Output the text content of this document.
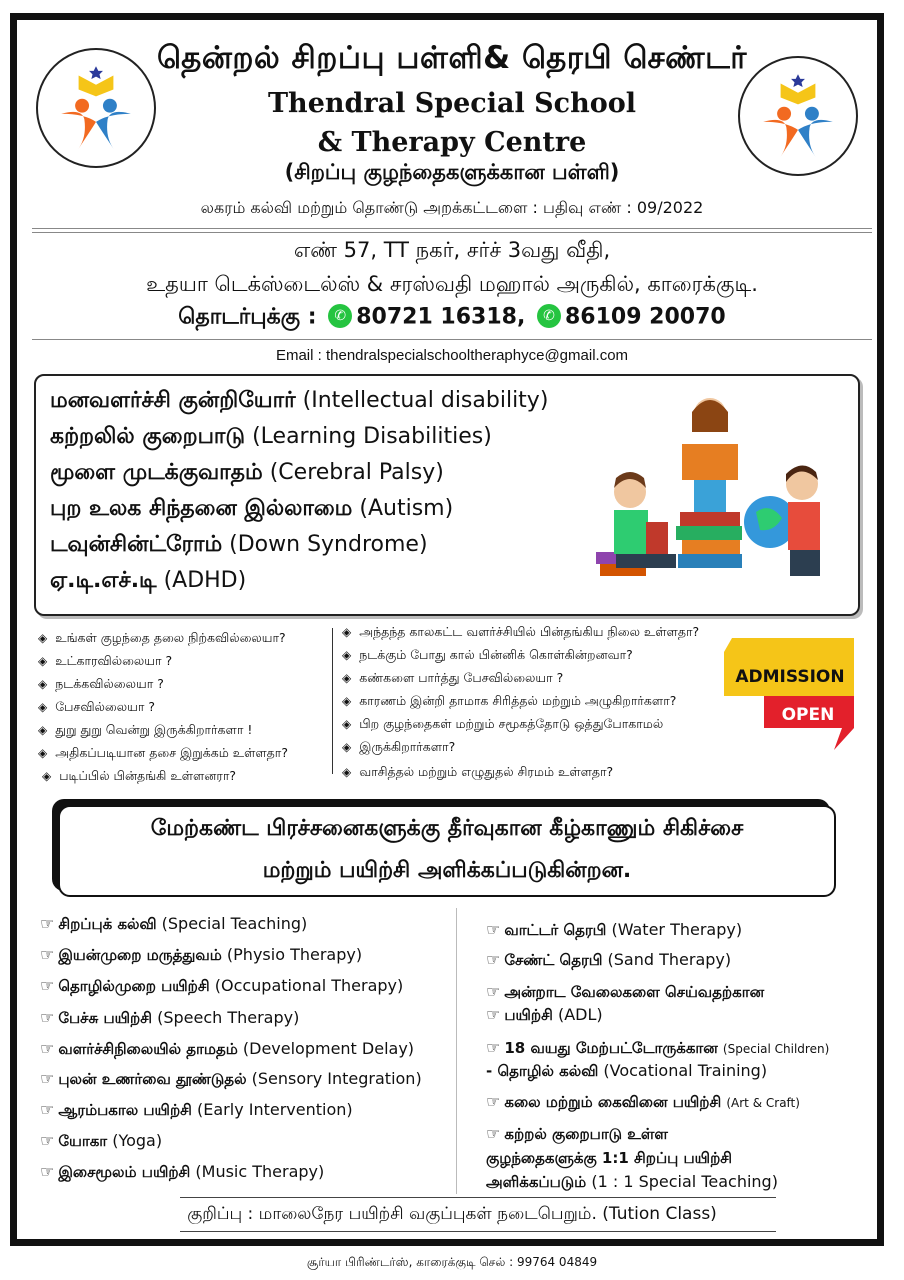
தென்றல் சிறப்பு பள்ளி& தெரபி செண்டர்
Thendral Special School
& Therapy Centre
(சிறப்பு குழந்தைகளுக்கான பள்ளி)
லகரம் கல்வி மற்றும் தொண்டு அறக்கட்டளை : பதிவு எண் : 09/2022
எண் 57, TT நகர், சர்ச் 3வது வீதி,
உதயா டெக்ஸ்டைல்ஸ் & சரஸ்வதி மஹால் அருகில், காரைக்குடி.
தொடர்புக்கு : ✆ 80721 16318, ✆ 86109 20070
Email : thendralspecialschooltheraphyce@gmail.com
மனவளர்ச்சி குன்றியோர் (Intellectual disability)
கற்றலில் குறைபாடு (Learning Disabilities)
மூளை முடக்குவாதம் (Cerebral Palsy)
புற உலக சிந்தனை இல்லாமை (Autism)
டவுன்சின்ட்ரோம் (Down Syndrome)
ஏ.டி.எச்.டி (ADHD)
◈ உங்கள் குழந்தை தலை நிற்கவில்லையா?
◈ உட்காரவில்லையா ?
◈ நடக்கவில்லையா ?
◈ பேசவில்லையா ?
◈ துறு துறு வென்று இருக்கிறார்களா !
◈ அதிகப்படியான தசை இறுக்கம் உள்ளதா?
◈ படிப்பில் பின்தங்கி உள்ளனரா?
◈ அந்தந்த காலகட்ட வளர்ச்சியில் பின்தங்கிய நிலை உள்ளதா?
◈ நடக்கும் போது கால் பின்னிக் கொள்கின்றனவா?
◈ கண்களை பார்த்து பேசவில்லையா ?
◈ காரணம் இன்றி தாமாக சிரித்தல் மற்றும் அழுகிறார்களா?
◈ பிற குழந்தைகள் மற்றும் சமூகத்தோடு ஒத்துபோகாமல்
◈ இருக்கிறார்களா?
◈ வாசித்தல் மற்றும் எழுதுதல் சிரமம் உள்ளதா?
ADMISSION
OPEN
மேற்கண்ட பிரச்சனைகளுக்கு தீர்வுகான கீழ்காணும் சிகிச்சை
மற்றும் பயிற்சி அளிக்கப்படுகின்றன.
☞ சிறப்புக் கல்வி (Special Teaching)
☞ இயன்முறை மருத்துவம் (Physio Therapy)
☞ தொழில்முறை பயிற்சி (Occupational Therapy)
☞ பேச்சு பயிற்சி (Speech Therapy)
☞ வளர்ச்சிநிலையில் தாமதம் (Development Delay)
☞ புலன் உணர்வை தூண்டுதல் (Sensory Integration)
☞ ஆரம்பகால பயிற்சி (Early Intervention)
☞ யோகா (Yoga)
☞ இசைமூலம் பயிற்சி (Music Therapy)
☞ வாட்டர் தெரபி (Water Therapy)
☞ சேண்ட் தெரபி (Sand Therapy)
☞ அன்றாட வேலைகளை செய்வதற்கான
☞ பயிற்சி (ADL)
☞ 18 வயது மேற்பட்டோருக்கான (Special Children)
- தொழில் கல்வி (Vocational Training)
☞ கலை மற்றும் கைவினை பயிற்சி (Art & Craft)
☞ கற்றல் குறைபாடு உள்ள
குழந்தைகளுக்கு 1:1 சிறப்பு பயிற்சி
அளிக்கப்படும் (1 : 1 Special Teaching)
குறிப்பு : மாலைநேர பயிற்சி வகுப்புகள் நடைபெறும். (Tution Class)
சூர்யா பிரிண்டர்ஸ், காரைக்குடி செல் : 99764 04849
